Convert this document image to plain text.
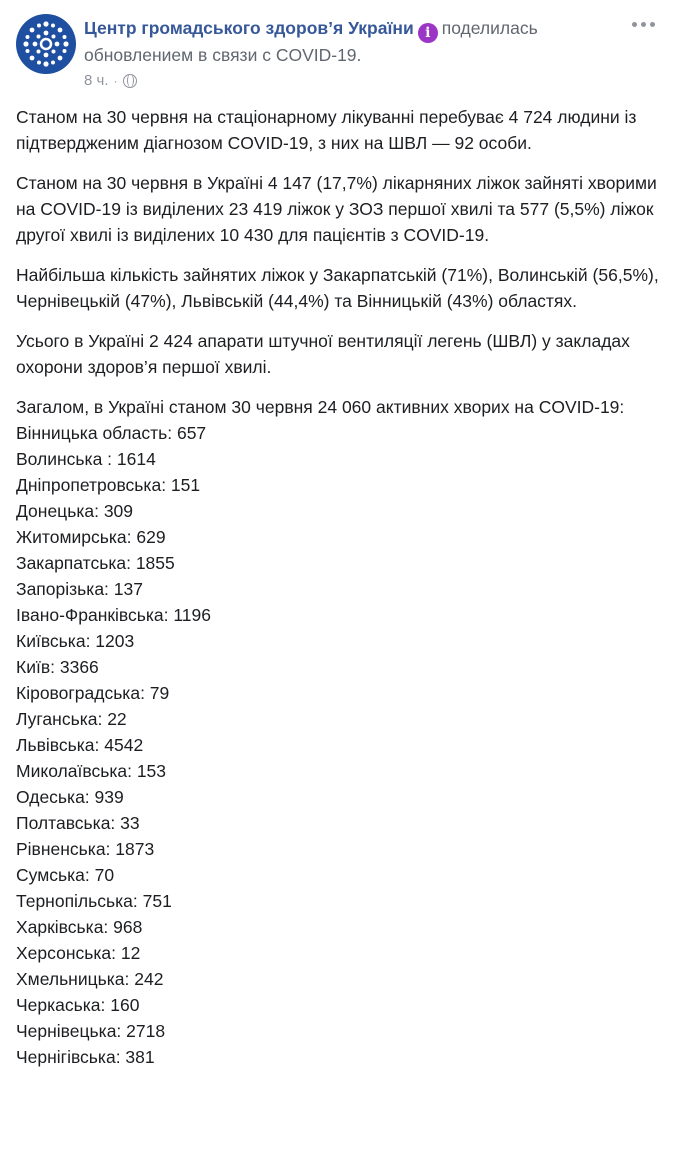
Центр громадського здоров’я України i поделилась обновлением в связи с COVID-19.
8 ч. ·

Станом на 30 червня на стаціонарному лікуванні перебуває 4 724 людини із підтвердженим діагнозом COVID-19, з них на ШВЛ — 92 особи.

Станом на 30 червня в Україні 4 147 (17,7%) лікарняних ліжок зайняті хворими на COVID-19 із виділених 23 419 ліжок у ЗОЗ першої хвилі та 577 (5,5%) ліжок другої хвилі із виділених 10 430 для пацієнтів з COVID-19.

Найбільша кількість зайнятих ліжок у Закарпатській (71%), Волинській (56,5%), Чернівецькій (47%), Львівській (44,4%) та Вінницькій (43%) областях.

Усього в Україні 2 424 апарати штучної вентиляції легень (ШВЛ) у закладах охорони здоров’я першої хвилі.

Загалом, в Україні станом 30 червня 24 060 активних хворих на COVID-19:

Вінницька область: 657
Волинська : 1614
Дніпропетровська: 151
Донецька: 309
Житомирська: 629
Закарпатська: 1855
Запорізька: 137
Івано-Франківська: 1196
Київська: 1203
Київ: 3366
Кіровоградська: 79
Луганська: 22
Львівська: 4542
Миколаївська: 153
Одеська: 939
Полтавська: 33
Рівненська: 1873
Сумська: 70
Тернопільська: 751
Харківська: 968
Херсонська: 12
Хмельницька: 242
Черкаська: 160
Чернівецька: 2718
Чернігівська: 381
